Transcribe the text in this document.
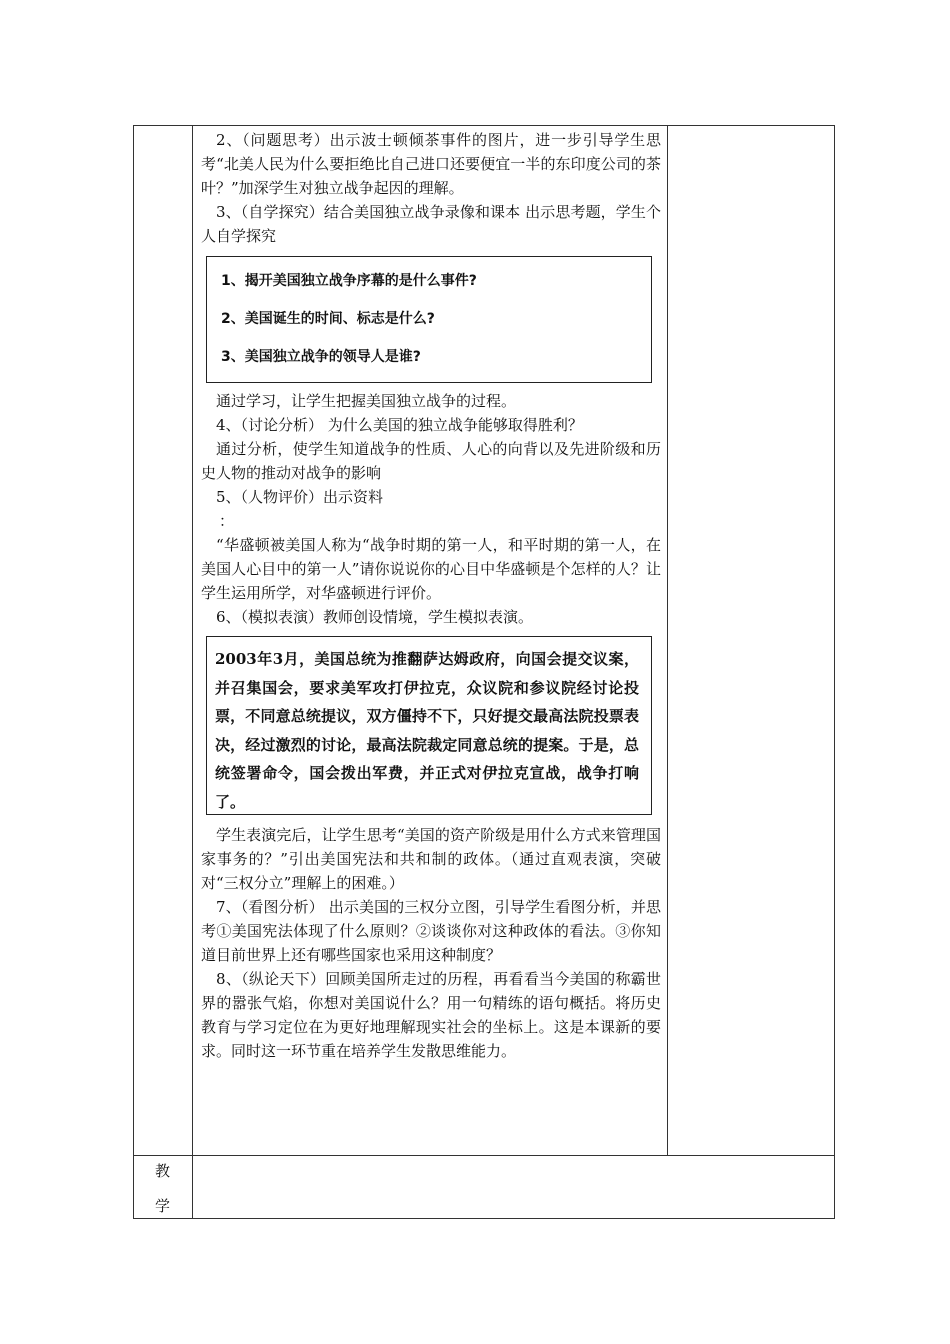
2、（问题思考）出示波士顿倾茶事件的图片，进一步引导学生思考“北美人民为什么要拒绝比自己进口还要便宜一半的东印度公司的茶叶？”加深学生对独立战争起因的理解。

3、（自学探究）结合美国独立战争录像和课本 出示思考题，学生个人自学探究

1、揭开美国独立战争序幕的是什么事件?
2、美国诞生的时间、标志是什么?
3、美国独立战争的领导人是谁?

通过学习，让学生把握美国独立战争的过程。

4、（讨论分析） 为什么美国的独立战争能够取得胜利？

通过分析，使学生知道战争的性质、人心的向背以及先进阶级和历史人物的推动对战争的影响

5、（人物评价）出示资料

：

“华盛顿被美国人称为“战争时期的第一人，和平时期的第一人，在美国人心目中的第一人”请你说说你的心目中华盛顿是个怎样的人？让学生运用所学，对华盛顿进行评价。

6、（模拟表演）教师创设情境，学生模拟表演。

2003年3月，美国总统为推翻萨达姆政府，向国会提交议案，并召集国会，要求美军攻打伊拉克，众议院和参议院经讨论投票，不同意总统提议，双方僵持不下，只好提交最高法院投票表决，经过激烈的讨论，最高法院裁定同意总统的提案。于是，总统签署命令，国会拨出军费，并正式对伊拉克宣战，战争打响了。

学生表演完后，让学生思考“美国的资产阶级是用什么方式来管理国家事务的？”引出美国宪法和共和制的政体。（通过直观表演，突破对“三权分立”理解上的困难。）

7、（看图分析） 出示美国的三权分立图，引导学生看图分析，并思考①美国宪法体现了什么原则？②谈谈你对这种政体的看法。③你知道目前世界上还有哪些国家也采用这种制度？

8、（纵论天下）回顾美国所走过的历程，再看看当今美国的称霸世界的嚣张气焰，你想对美国说什么？用一句精练的语句概括。将历史教育与学习定位在为更好地理解现实社会的坐标上。这是本课新的要求。同时这一环节重在培养学生发散思维能力。

教
学
